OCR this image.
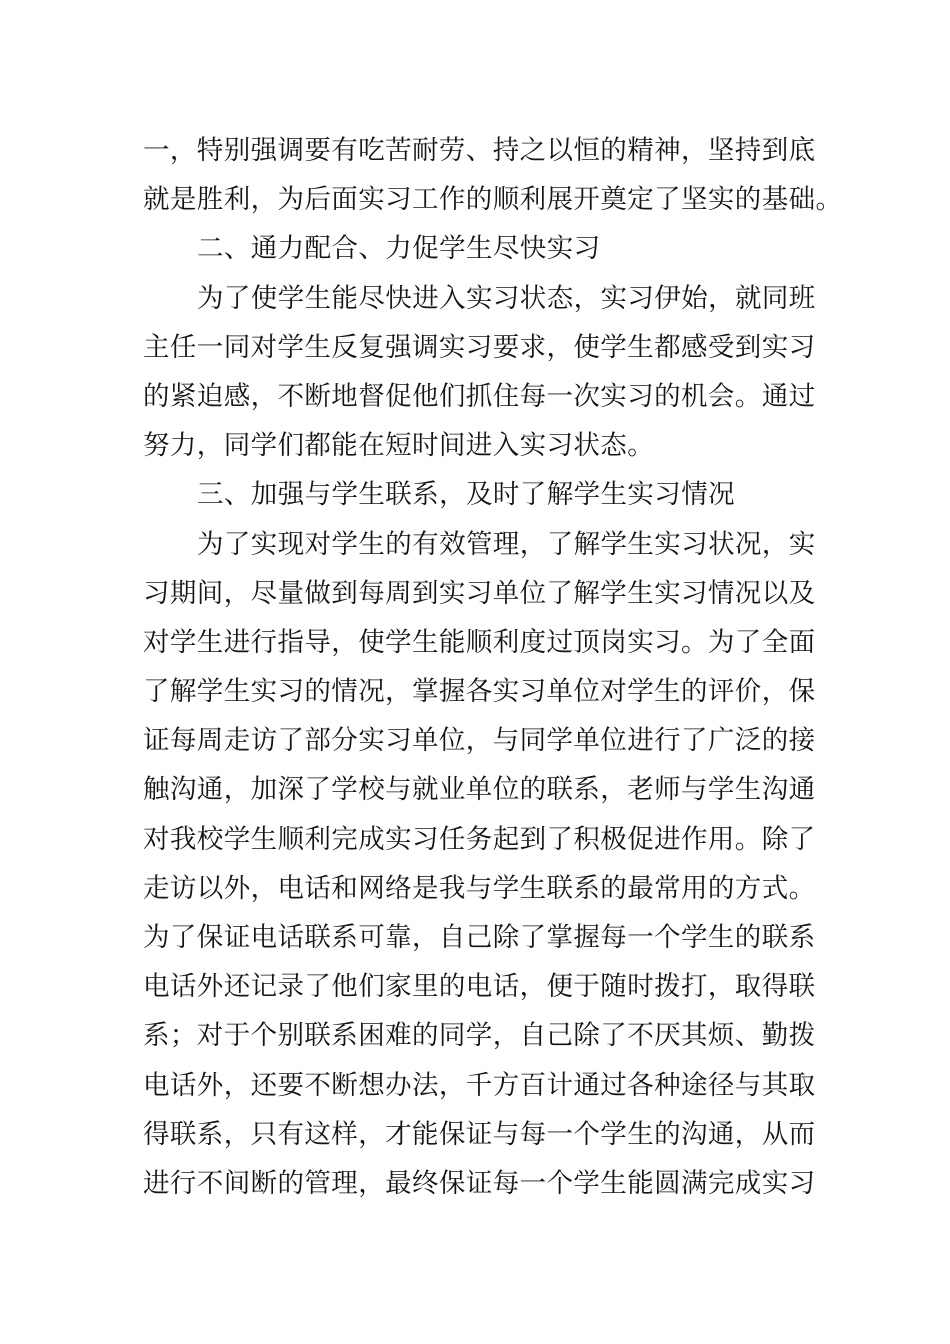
一，特别强调要有吃苦耐劳、持之以恒的精神，坚持到底
就是胜利，为后面实习工作的顺利展开奠定了坚实的基础。
二、通力配合、力促学生尽快实习
为了使学生能尽快进入实习状态，实习伊始，就同班
主任一同对学生反复强调实习要求，使学生都感受到实习
的紧迫感，不断地督促他们抓住每一次实习的机会。通过
努力，同学们都能在短时间进入实习状态。
三、加强与学生联系，及时了解学生实习情况
为了实现对学生的有效管理，了解学生实习状况，实
习期间，尽量做到每周到实习单位了解学生实习情况以及
对学生进行指导，使学生能顺利度过顶岗实习。为了全面
了解学生实习的情况，掌握各实习单位对学生的评价，保
证每周走访了部分实习单位，与同学单位进行了广泛的接
触沟通，加深了学校与就业单位的联系，老师与学生沟通
对我校学生顺利完成实习任务起到了积极促进作用。除了
走访以外，电话和网络是我与学生联系的最常用的方式。
为了保证电话联系可靠，自己除了掌握每一个学生的联系
电话外还记录了他们家里的电话，便于随时拨打，取得联
系；对于个别联系困难的同学，自己除了不厌其烦、勤拨
电话外，还要不断想办法，千方百计通过各种途径与其取
得联系，只有这样，才能保证与每一个学生的沟通，从而
进行不间断的管理，最终保证每一个学生能圆满完成实习
